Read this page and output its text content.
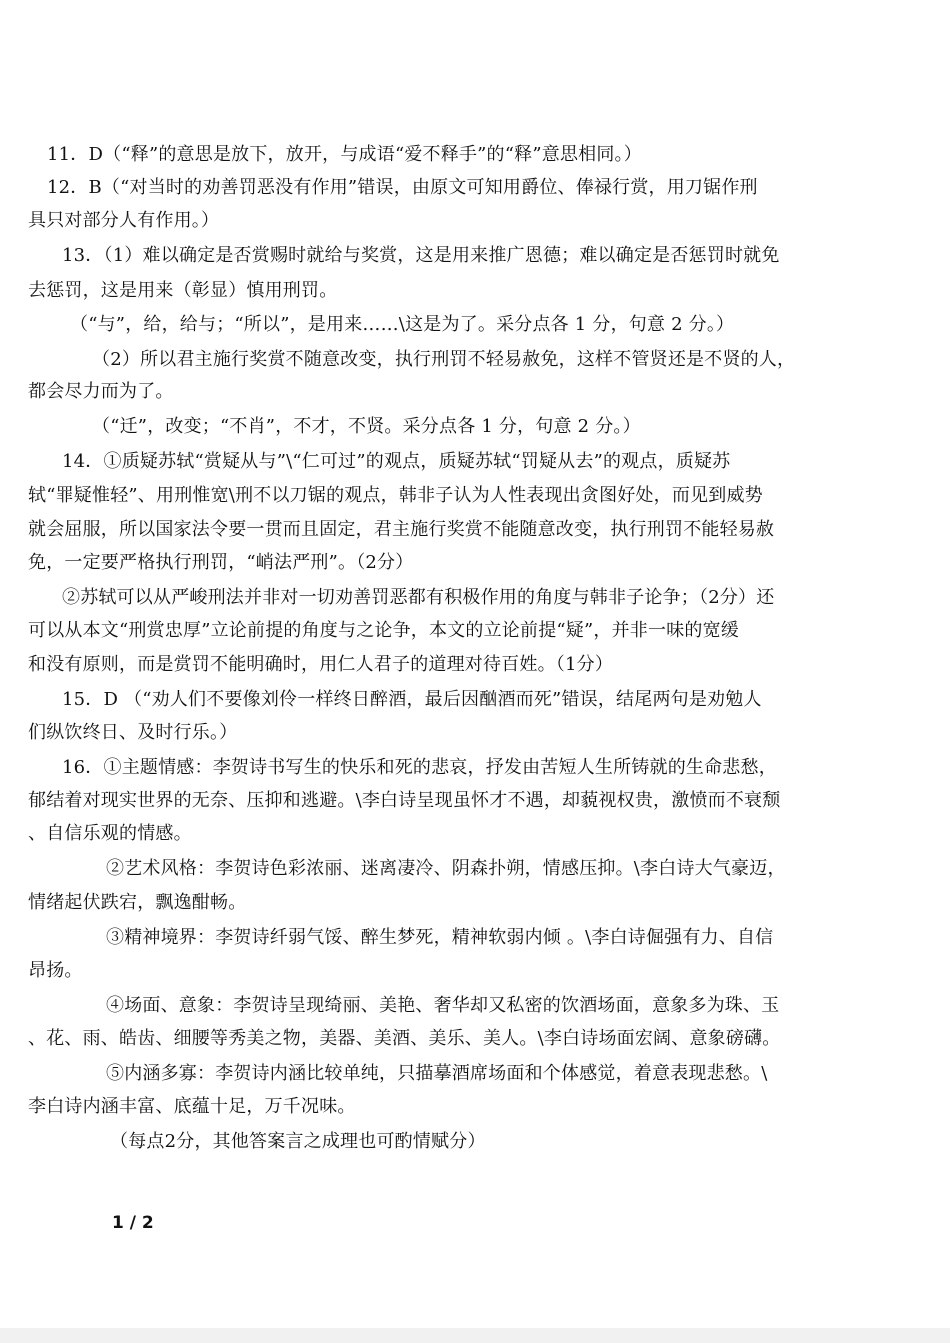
11．D（“释”的意思是放下，放开，与成语“爱不释手”的“释”意思相同。）
12．B（“对当时的劝善罚恶没有作用”错误，由原文可知用爵位、俸禄行赏，用刀锯作刑
具只对部分人有作用。）
13．（1）难以确定是否赏赐时就给与奖赏，这是用来推广恩德；难以确定是否惩罚时就免
去惩罚，这是用来（彰显）慎用刑罚。
（“与”，给，给与；“所以”，是用来……\这是为了。采分点各 1 分，句意 2 分。）
（2）所以君主施行奖赏不随意改变，执行刑罚不轻易赦免，这样不管贤还是不贤的人，
都会尽力而为了。
（“迁”，改变；“不肖”，不才，不贤。采分点各 1 分，句意 2 分。）
14．①质疑苏轼“赏疑从与”\“仁可过”的观点，质疑苏轼“罚疑从去”的观点，质疑苏
轼“罪疑惟轻”、用刑惟宽\刑不以刀锯的观点，韩非子认为人性表现出贪图好处，而见到威势
就会屈服，所以国家法令要一贯而且固定，君主施行奖赏不能随意改变，执行刑罚不能轻易赦
免，一定要严格执行刑罚，“峭法严刑”。（2分）
②苏轼可以从严峻刑法并非对一切劝善罚恶都有积极作用的角度与韩非子论争；（2分）还
可以从本文“刑赏忠厚”立论前提的角度与之论争，本文的立论前提“疑”，并非一味的宽缓
和没有原则，而是赏罚不能明确时，用仁人君子的道理对待百姓。（1分）
15．D （“劝人们不要像刘伶一样终日醉酒，最后因酗酒而死”错误，结尾两句是劝勉人
们纵饮终日、及时行乐。）
16．①主题情感：李贺诗书写生的快乐和死的悲哀，抒发由苦短人生所铸就的生命悲愁，
郁结着对现实世界的无奈、压抑和逃避。\李白诗呈现虽怀才不遇，却藐视权贵，激愤而不衰颓
、自信乐观的情感。
②艺术风格：李贺诗色彩浓丽、迷离凄冷、阴森扑朔，情感压抑。\李白诗大气豪迈，
情绪起伏跌宕，飘逸酣畅。
③精神境界：李贺诗纤弱气馁、醉生梦死，精神软弱内倾 。\李白诗倔强有力、自信
昂扬。
④场面、意象：李贺诗呈现绮丽、美艳、奢华却又私密的饮酒场面，意象多为珠、玉
、花、雨、皓齿、细腰等秀美之物，美器、美酒、美乐、美人。\李白诗场面宏阔、意象磅礴。
⑤内涵多寡：李贺诗内涵比较单纯，只描摹酒席场面和个体感觉，着意表现悲愁。\
李白诗内涵丰富、底蕴十足，万千况味。
（每点2分，其他答案言之成理也可酌情赋分）
1 / 2
